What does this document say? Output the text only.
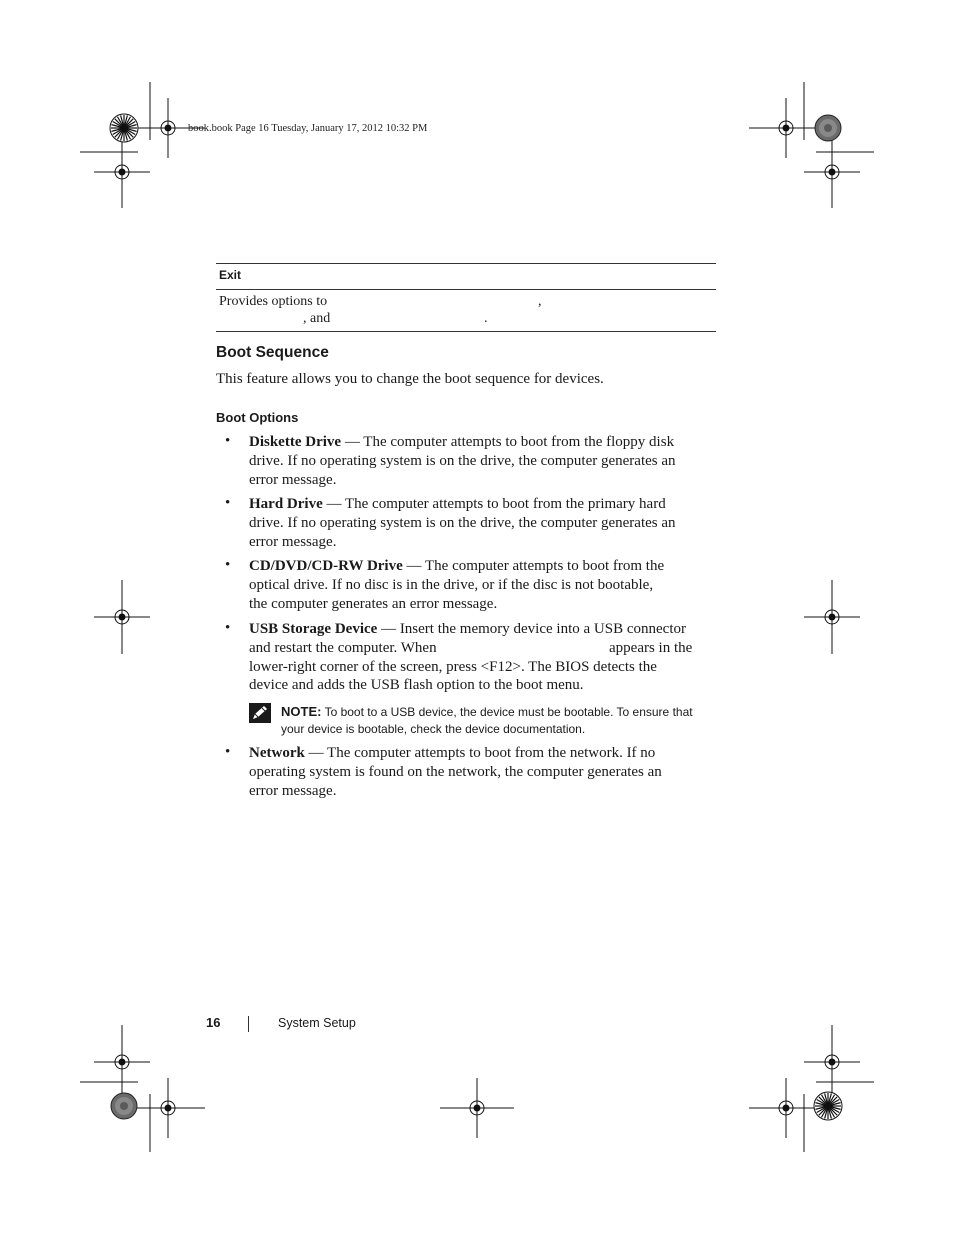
book.book Page 16 Tuesday, January 17, 2012 10:32 PM
Exit
Provides options to	,
, and	.
Boot Sequence
This feature allows you to change the boot sequence for devices.
Boot Options
• Diskette Drive — The computer attempts to boot from the floppy disk
drive. If no operating system is on the drive, the computer generates an
error message.
• Hard Drive — The computer attempts to boot from the primary hard
drive. If no operating system is on the drive, the computer generates an
error message.
• CD/DVD/CD-RW Drive — The computer attempts to boot from the
optical drive. If no disc is in the drive, or if the disc is not bootable,
the computer generates an error message.
• USB Storage Device — Insert the memory device into a USB connector
and restart the computer. When	appears in the
lower-right corner of the screen, press <F12>. The BIOS detects the
device and adds the USB flash option to the boot menu.
NOTE: To boot to a USB device, the device must be bootable. To ensure that
your device is bootable, check the device documentation.
• Network — The computer attempts to boot from the network. If no
operating system is found on the network, the computer generates an
error message.
16	System Setup
